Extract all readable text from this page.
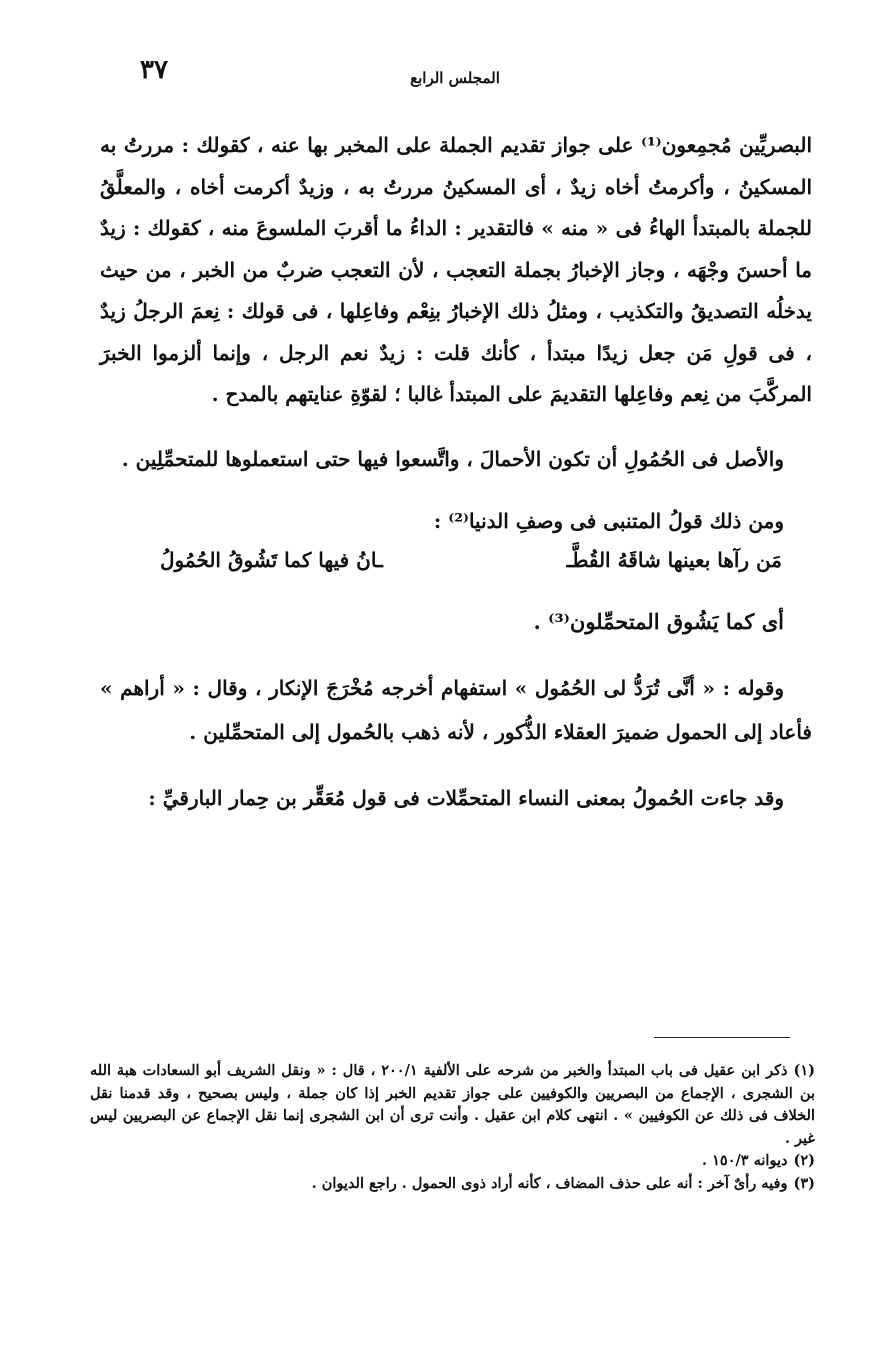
٣٧	المجلس الرابع

البصريِّين مُجمِعون⁽¹⁾ على جواز تقديم الجملة على المخبر بها عنه ، كقولك : مررتُ به المسكينُ ، وأكرمتُ أخاه زيدٌ ، أى المسكينُ مررتُ به ، وزيدٌ أكرمت أخاه ، والمعلَّقُ للجملة بالمبتدأ الهاءُ فى « منه » فالتقدير : الداءُ ما أقربَ الملسوعَ منه ، كقولك : زيدٌ ما أحسنَ وجْهَه ، وجاز الإخبارُ بجملة التعجب ، لأن التعجب ضربٌ من الخبر ، من حيث يدخلُه التصديقُ والتكذيب ، ومثلُ ذلك الإخبارُ بنِعْم وفاعِلها ، فى قولك : نِعمَ الرجلُ زيدٌ ، فى قولِ مَن جعل زيدًا مبتدأ ، كأنك قلت : زيدٌ نعم الرجل ، وإنما ألزموا الخبرَ المركَّبَ من نِعم وفاعِلها التقديمَ على المبتدأ غالبا ؛ لقوّةِ عنايتهم بالمدح .

والأصل فى الحُمُولِ أن تكون الأحمالَ ، واتَّسعوا فيها حتى استعملوها للمتحمِّلِين .

ومن ذلك قولُ المتنبى فى وصفِ الدنيا⁽²⁾ :

مَن رآها بعينها شاقَهُ القُطَّـ
ـانُ فيها كما تَشُوقُ الحُمُولُ

أى كما يَشُوق المتحمِّلون⁽³⁾ .

وقوله : « أنَّى تُرَدُّ لى الحُمُول » استفهام أخرجه مُخْرَجَ الإنكار ، وقال : « أراهم » فأعاد إلى الحمول ضميرَ العقلاء الذُّكور ، لأنه ذهب بالحُمول إلى المتحمِّلين .

وقد جاءت الحُمولُ بمعنى النساء المتحمِّلات فى قول مُعَقِّر بن حِمار البارقيِّ :

(١)ذكر ابن عقيل فى باب المبتدأ والخبر من شرحه على الألفية ٢٠٠/١ ، قال : « ونقل الشريف أبو السعادات هبة الله بن الشجرى ، الإجماع من البصريين والكوفيين على جواز تقديم الخبر إذا كان جملة ، وليس بصحيح ، وقد قدمنا نقل الخلاف فى ذلك عن الكوفيين » . انتهى كلام ابن عقيل . وأنت ترى أن ابن الشجرى إنما نقل الإجماع عن البصريين ليس غير .

(٢)ديوانه ١٥٠/٣ .

(٣)وفيه رأىٌ آخر : أنه على حذف المضاف ، كأنه أراد ذوى الحمول . راجع الديوان .
